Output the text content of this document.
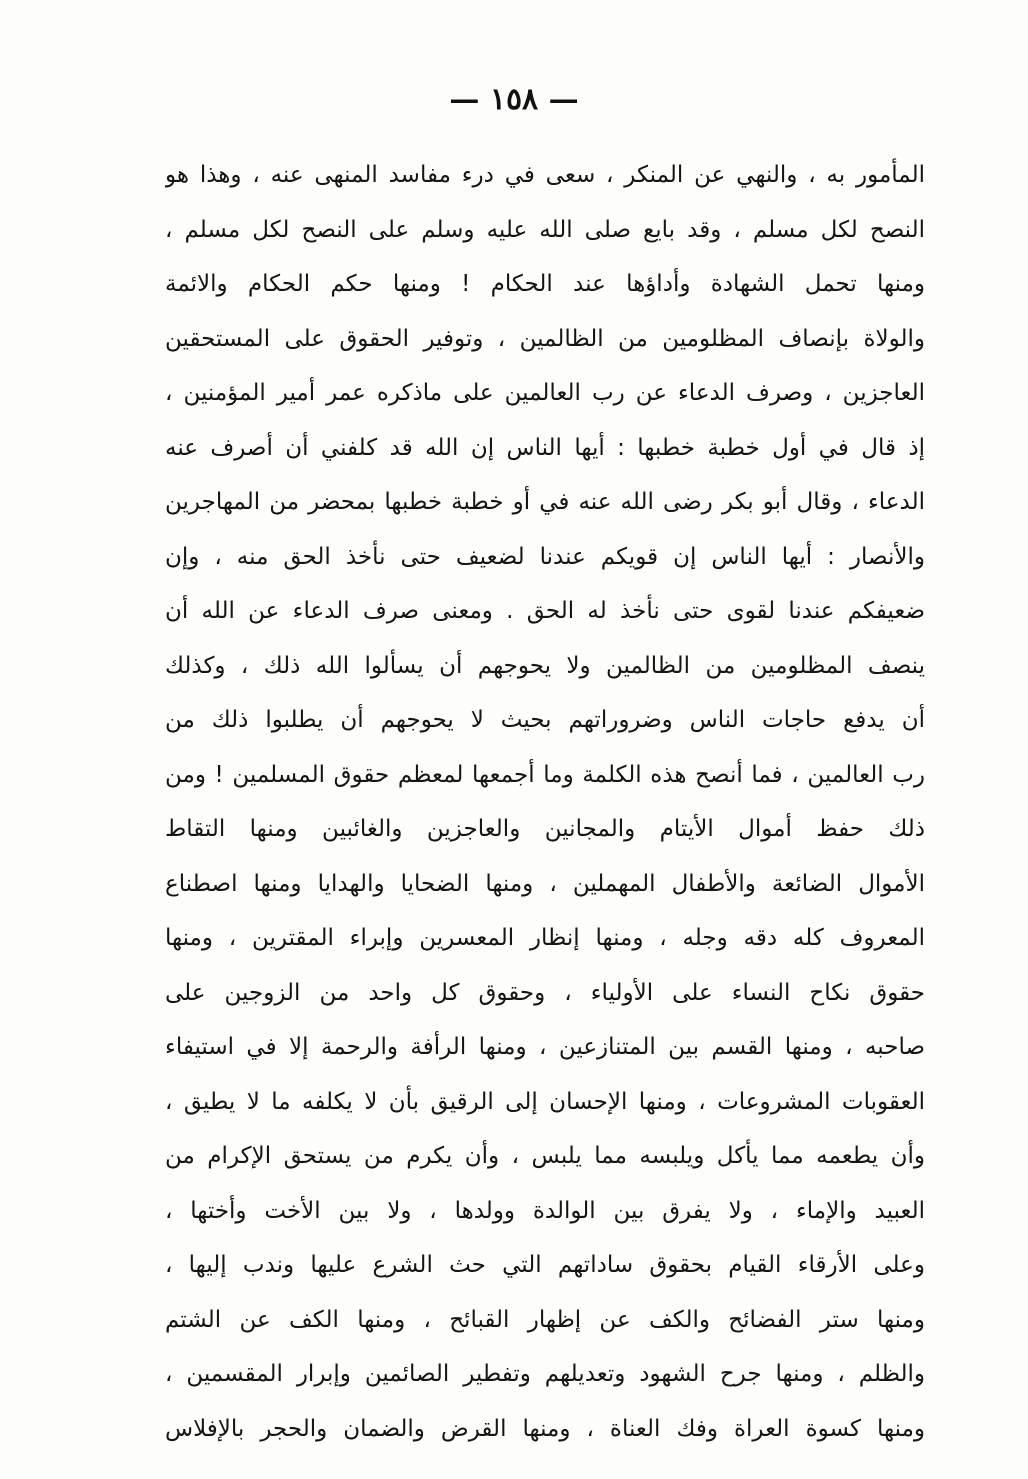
— ١٥٨ —
المأمور به ، والنهي عن المنكر ، سعى في درء مفاسد المنهى عنه ، وهذا هو
النصح لكل مسلم ، وقد بايع صلى الله عليه وسلم على النصح لكل مسلم ،
ومنها تحمل الشهادة وأداؤها عند الحكام ! ومنها حكم الحكام والائمة
والولاة بإنصاف المظلومين من الظالمين ، وتوفير الحقوق على المستحقين
العاجزين ، وصرف الدعاء عن رب العالمين على ماذكره عمر أمير المؤمنين ،
إذ قال في أول خطبة خطبها : أيها الناس إن الله قد كلفني أن أصرف عنه
الدعاء ، وقال أبو بكر رضى الله عنه في أو خطبة خطبها بمحضر من المهاجرين
والأنصار : أيها الناس إن قويكم عندنا لضعيف حتى نأخذ الحق منه ، وإن
ضعيفكم عندنا لقوى حتى نأخذ له الحق . ومعنى صرف الدعاء عن الله أن
ينصف المظلومين من الظالمين ولا يحوجهم أن يسألوا الله ذلك ، وكذلك
أن يدفع حاجات الناس وضروراتهم بحيث لا يحوجهم أن يطلبوا ذلك من
رب العالمين ، فما أنصح هذه الكلمة وما أجمعها لمعظم حقوق المسلمين ! ومن
ذلك حفظ أموال الأيتام والمجانين والعاجزين والغائبين ومنها التقاط
الأموال الضائعة والأطفال المهملين ، ومنها الضحايا والهدايا ومنها اصطناع
المعروف كله دقه وجله ، ومنها إنظار المعسرين وإبراء المقترين ، ومنها
حقوق نكاح النساء على الأولياء ، وحقوق كل واحد من الزوجين على
صاحبه ، ومنها القسم بين المتنازعين ، ومنها الرأفة والرحمة إلا في استيفاء
العقوبات المشروعات ، ومنها الإحسان إلى الرقيق بأن لا يكلفه ما لا يطيق ،
وأن يطعمه مما يأكل ويلبسه مما يلبس ، وأن يكرم من يستحق الإكرام من
العبيد والإماء ، ولا يفرق بين الوالدة وولدها ، ولا بين الأخت وأختها ،
وعلى الأرقاء القيام بحقوق ساداتهم التي حث الشرع عليها وندب إليها ،
ومنها ستر الفضائح والكف عن إظهار القبائح ، ومنها الكف عن الشتم
والظلم ، ومنها جرح الشهود وتعديلهم وتفطير الصائمين وإبرار المقسمين ،
ومنها كسوة العراة وفك العناة ، ومنها القرض والضمان والحجر بالإفلاس
